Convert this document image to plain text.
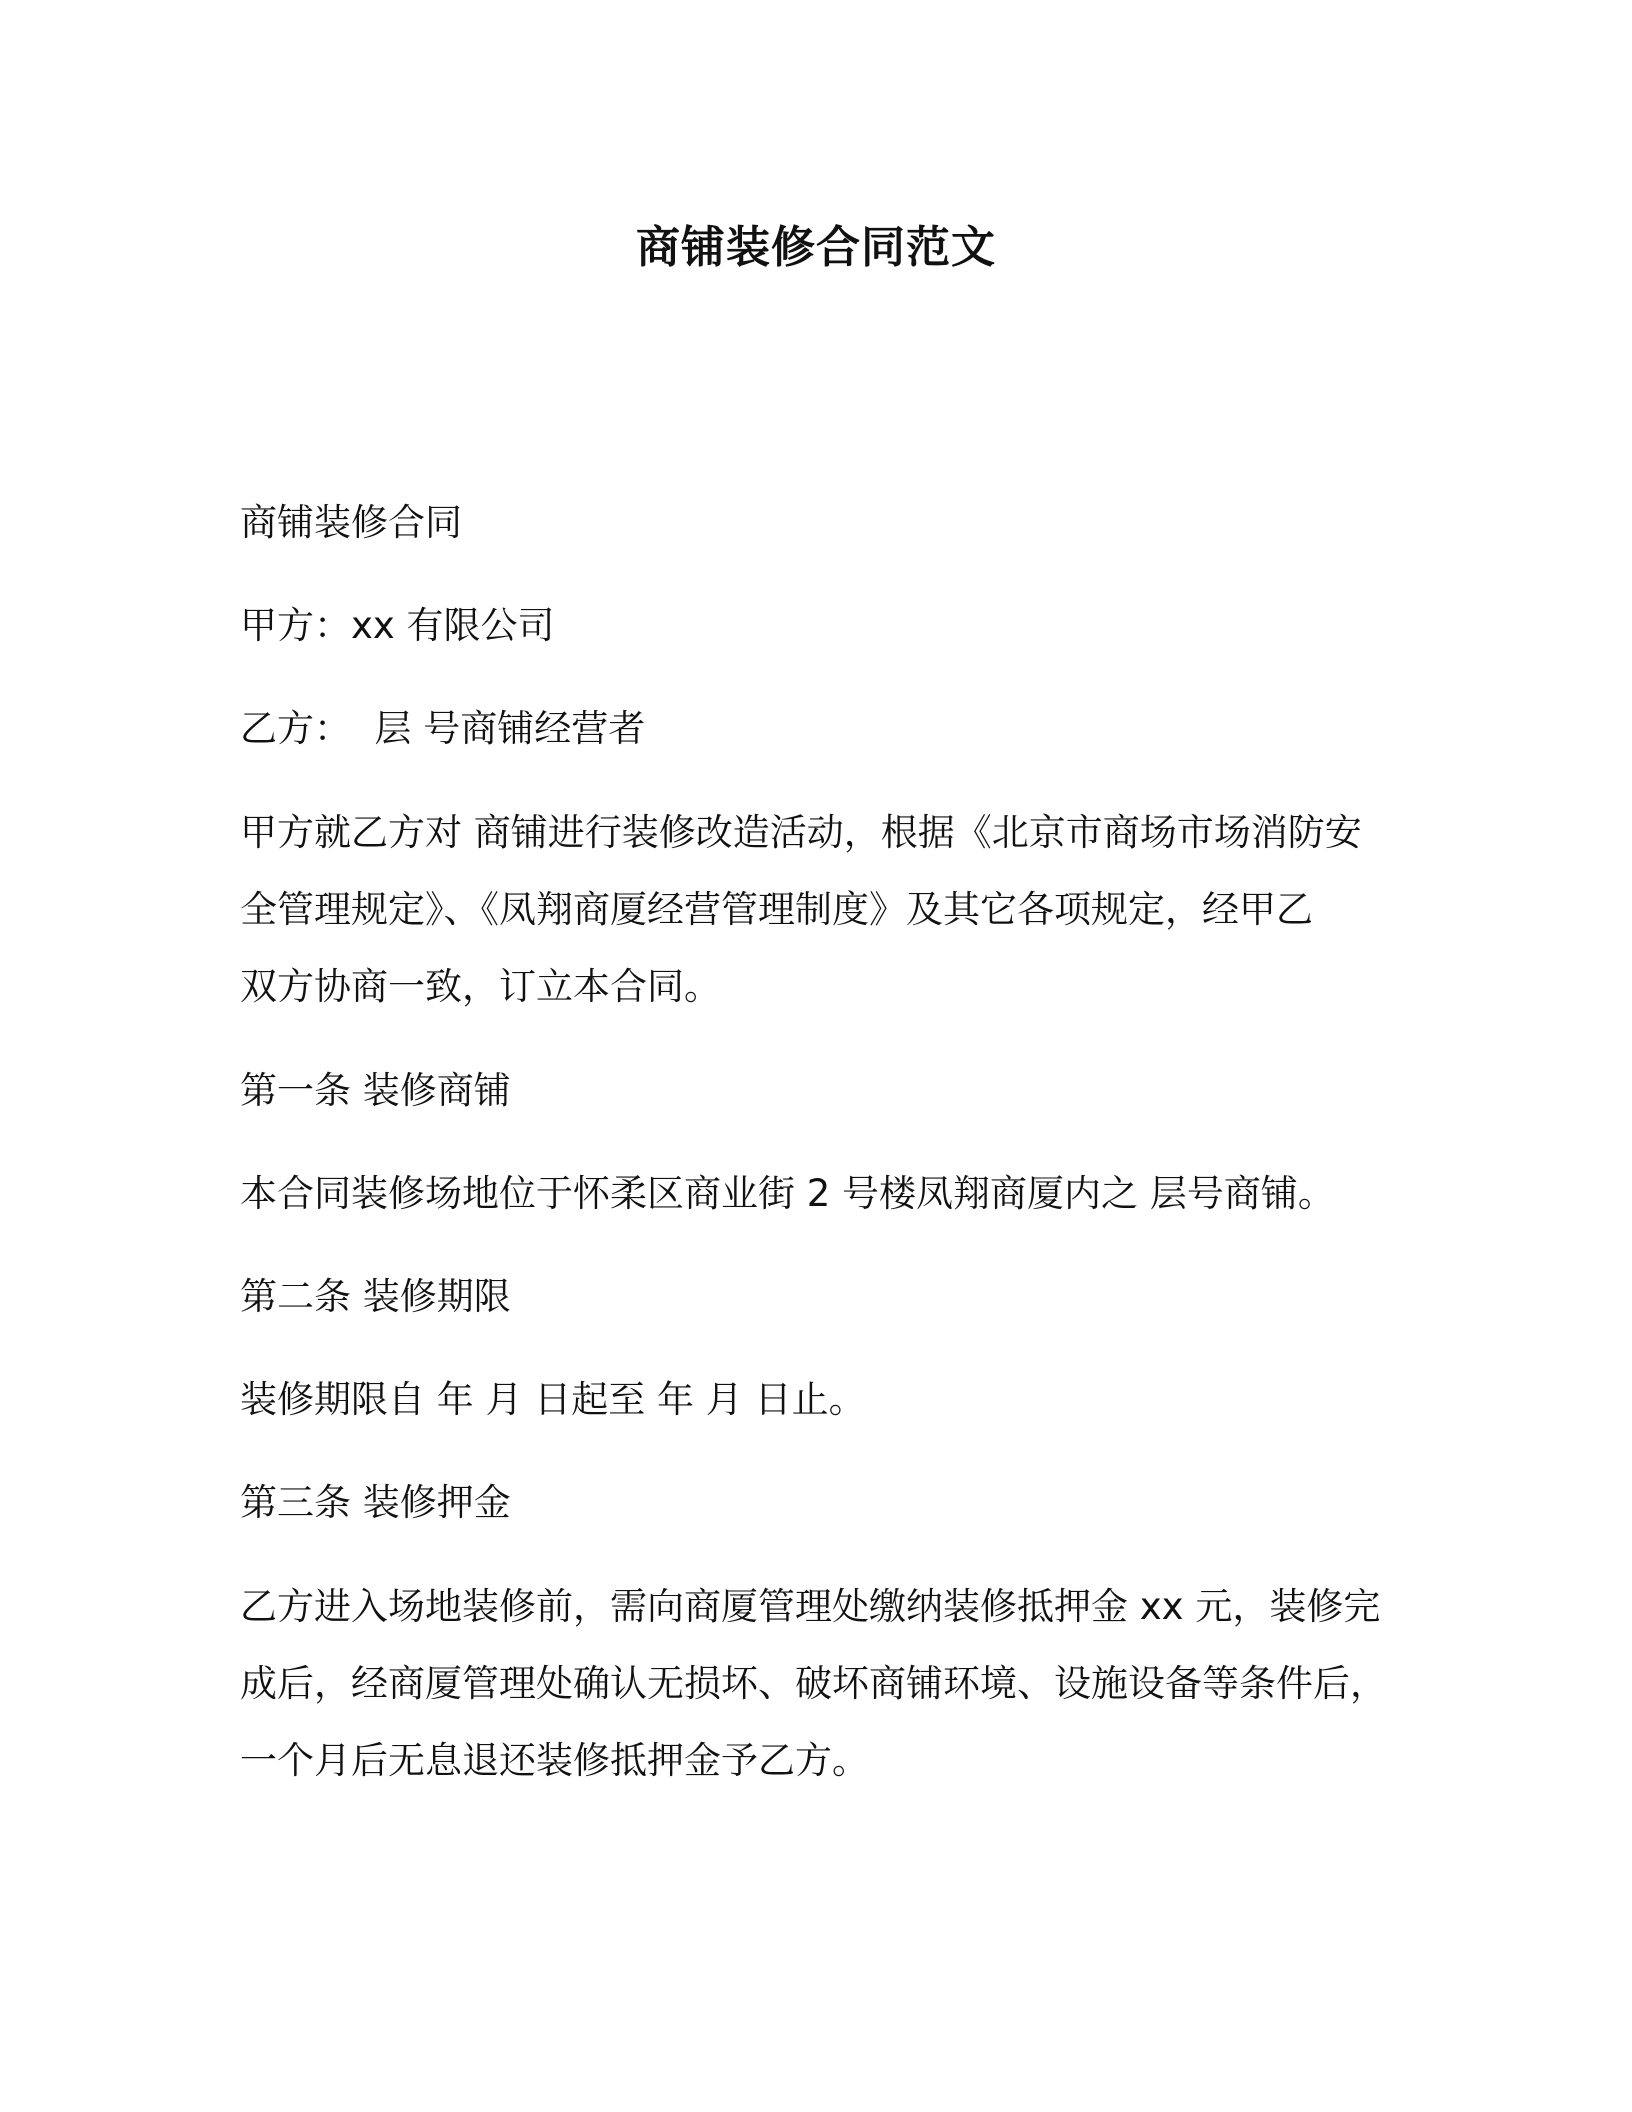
商铺装修合同范文
商铺装修合同
甲方：xx 有限公司
乙方：  层 号商铺经营者
甲方就乙方对 商铺进行装修改造活动，根据《北京市商场市场消防安
全管理规定》、《凤翔商厦经营管理制度》及其它各项规定，经甲乙
双方协商一致，订立本合同。
第一条 装修商铺
本合同装修场地位于怀柔区商业街 2 号楼凤翔商厦内之 层号商铺。
第二条 装修期限
装修期限自 年 月 日起至 年 月 日止。
第三条 装修押金
乙方进入场地装修前，需向商厦管理处缴纳装修抵押金 xx 元，装修完
成后，经商厦管理处确认无损坏、破坏商铺环境、设施设备等条件后，
一个月后无息退还装修抵押金予乙方。
